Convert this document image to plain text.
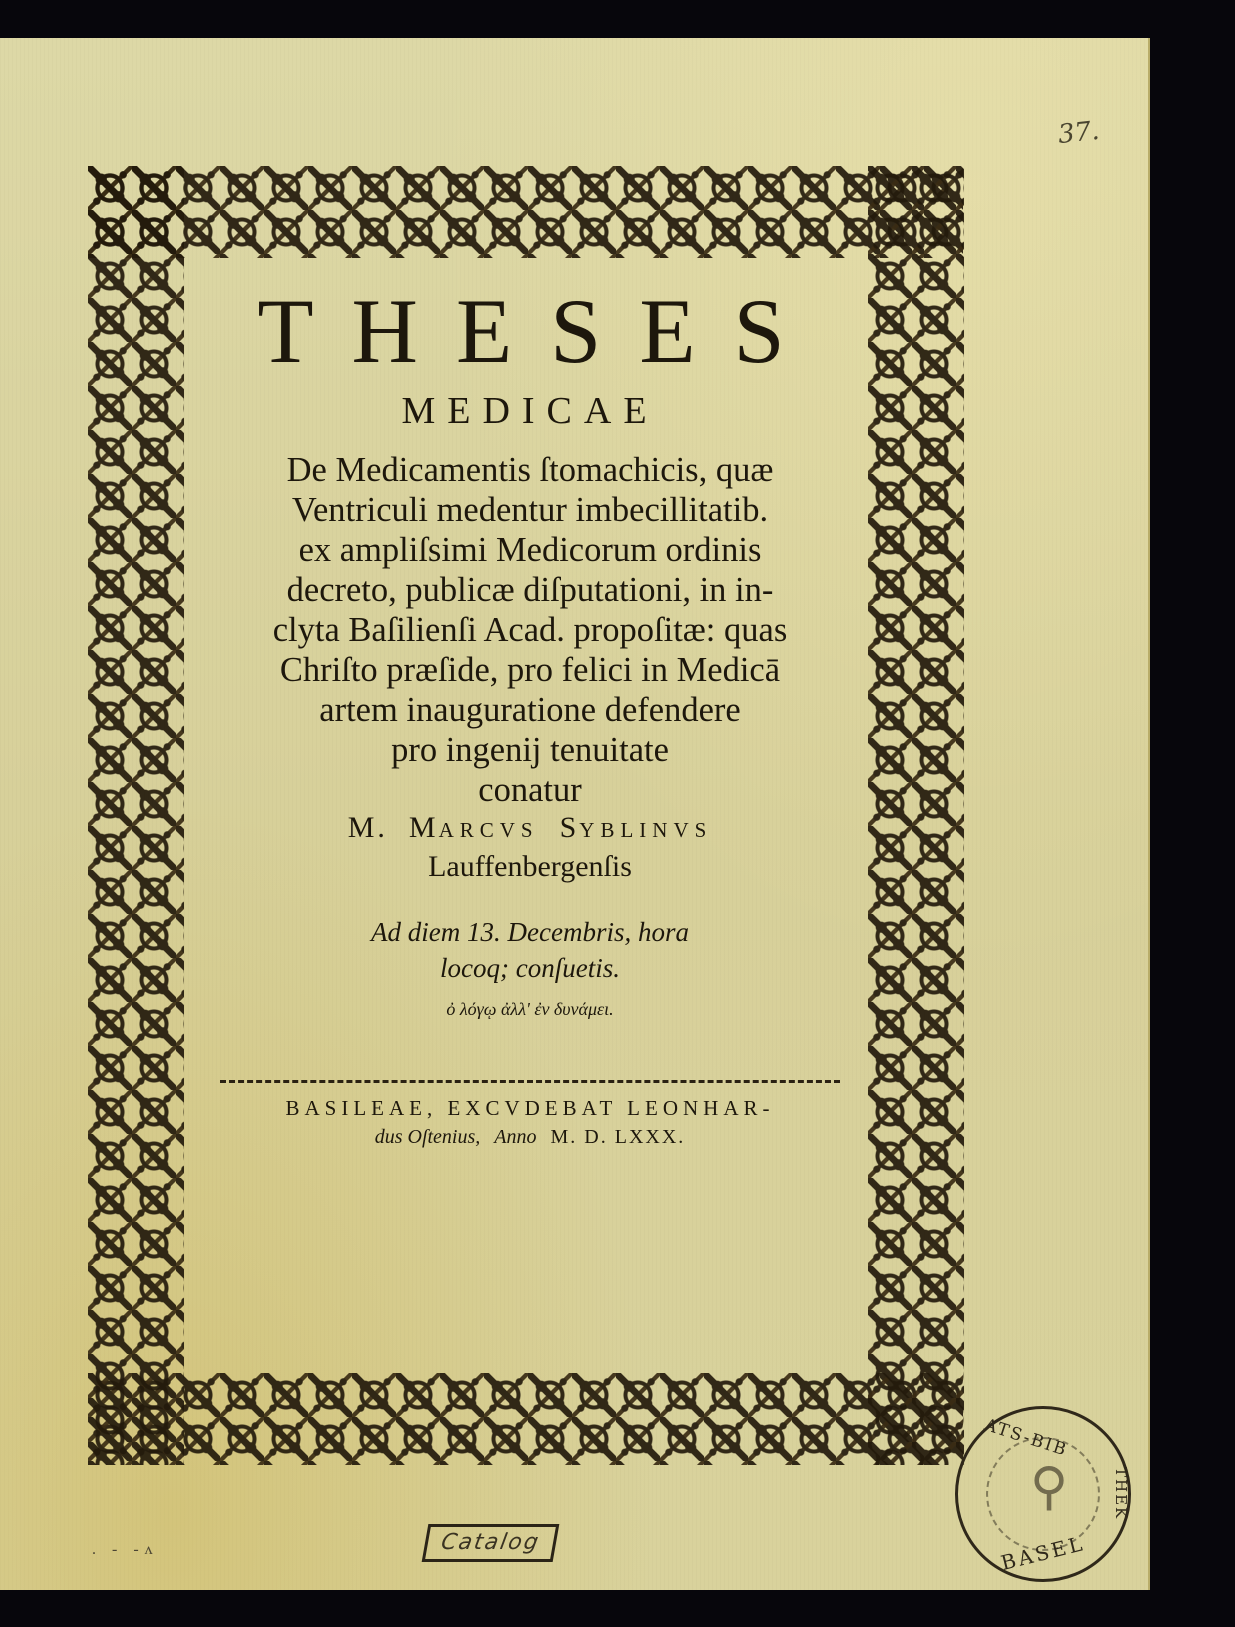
37.
THESES
MEDICAE
De Medicamentis ſtomachicis, quæ
Ventriculi medentur imbecillitatib.
ex ampliſsimi Medicorum ordinis
decreto, publicæ diſputationi, in in-
clyta Baſilienſi Acad. propoſitæ: quas
Chriſto præſide, pro felici in Medicā
artem inauguratione defendere
pro ingenij tenuitate
conatur
M. MARCVS SYBLINVS
Lauffenbergenſis
Ad diem 13. Decembris, hora
locoq; conſuetis.
ὀ λόγῳ ἀλλ' ἐν δυνάμει.
BASILEAE, EXCVDEBAT LEONHAR-
dus Oſtenius, Anno M. D. LXXX.
. - -ᴧ	Catalog
⚲
ATS-BIB
THEK
BASEL
